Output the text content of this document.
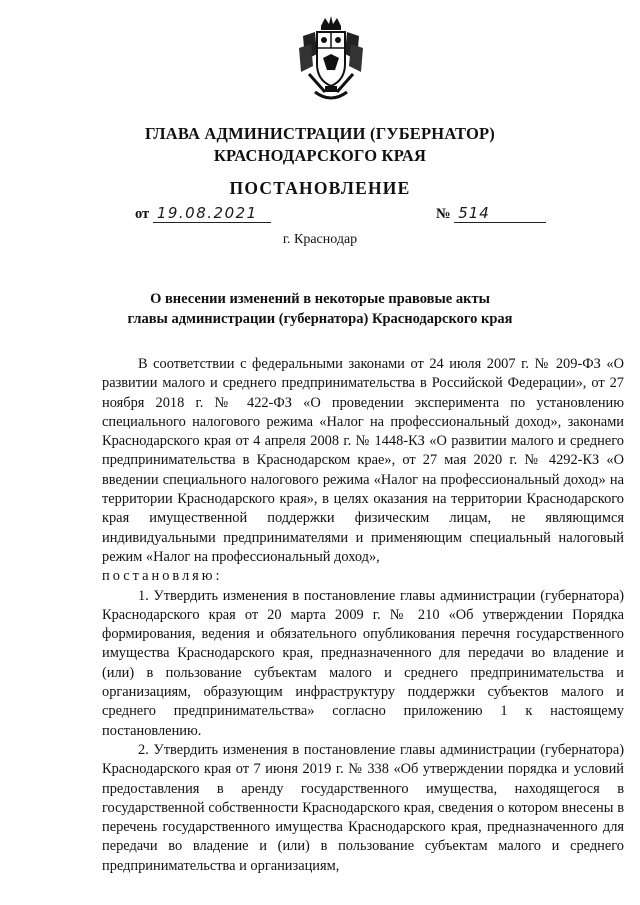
ГЛАВА АДМИНИСТРАЦИИ (ГУБЕРНАТОР)
КРАСНОДАРСКОГО КРАЯ
ПОСТАНОВЛЕНИЕ
от 19.08.2021	№ 514
г. Краснодар
О внесении изменений в некоторые правовые акты
главы администрации (губернатора) Краснодарского края

В соответствии с федеральными законами от 24 июля 2007 г. № 209-ФЗ «О развитии малого и среднего предпринимательства в Российской Федерации», от 27 ноября 2018 г. № 422-ФЗ «О проведении эксперимента по установлению специального налогового режима «Налог на профессиональный доход», законами Краснодарского края от 4 апреля 2008 г. № 1448-КЗ «О развитии малого и среднего предпринимательства в Краснодарском крае», от 27 мая 2020 г. № 4292-КЗ «О введении специального налогового режима «Налог на профессиональный доход» на территории Краснодарского края», в целях оказания на территории Краснодарского края имущественной поддержки физическим лицам, не являющимся индивидуальными предпринимателями и применяющим специальный налоговый режим «Налог на профессиональный доход»,

постановляю:

1. Утвердить изменения в постановление главы администрации (губернатора) Краснодарского края от 20 марта 2009 г. № 210 «Об утверждении Порядка формирования, ведения и обязательного опубликования перечня государственного имущества Краснодарского края, предназначенного для передачи во владение и (или) в пользование субъектам малого и среднего предпринимательства и организациям, образующим инфраструктуру поддержки субъектов малого и среднего предпринимательства» согласно приложению 1 к настоящему постановлению.

2. Утвердить изменения в постановление главы администрации (губернатора) Краснодарского края от 7 июня 2019 г. № 338 «Об утверждении порядка и условий предоставления в аренду государственного имущества, находящегося в государственной собственности Краснодарского края, сведения о котором внесены в перечень государственного имущества Краснодарского края, предназначенного для передачи во владение и (или) в пользование субъектам малого и среднего предпринимательства и организациям,
